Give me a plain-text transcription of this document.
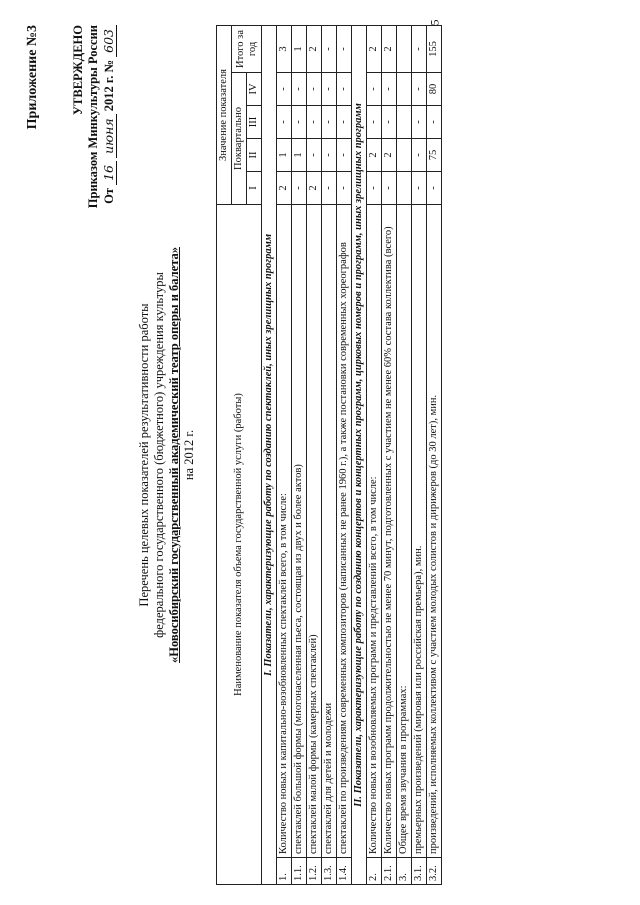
5
Приложение №3 УТВЕРЖДЕНО Приказом Минкультуры России От 16 июня 2012 г. № 603
Перечень целевых показателей результативности работы федерального государственного (бюджетного) учреждения культуры «Новосибирский государственный академический театр оперы и балета» на 2012 г.	Наименование показателя объема государственной услуги (работы)		Значение показателя				
		Поквартально				Итого за год
		I	II	III	IV	
I. Показатели, характеризующие работу по созданию спектаклей, иных зрелищных программ						
1.	Количество новых и капитально-возобновленных спектаклей всего, в том числе:	2	1	-	-	3
1.1.	спектаклей большой формы (многонаселенная пьеса, состоящая из двух и более актов)	-	1	-	-	1
1.2.	спектаклей малой формы (камерных спектаклей)	2	-	-	-	2
1.3.	спектаклей для детей и молодежи	-	-	-	-	-
1.4.	спектаклей по произведениям современных композиторов (написанных не ранее 1960 г.), а также постановки современных хореографов	-	-	-	-	-
II. Показатели, характеризующие работу по созданию концертов и концертных программ, цирковых номеров и программ, иных зрелищных программ						
2.	Количество новых и возобновляемых программ и представлений всего, в том числе:	-	2	-	-	2
2.1.	Количество новых программ продолжительностью не менее 70 минут, подготовленных с участием не менее 60% состава коллектива (всего)	-	2	-	-	2
3.	Общее время звучания в программах:					
3.1.	премьерных произведений (мировая или российская премьера), мин.	-	-	-	-	-
3.2.	произведений, исполняемых коллективом с участием молодых солистов и дирижеров (до 30 лет), мин.	-	75	-	80	155
